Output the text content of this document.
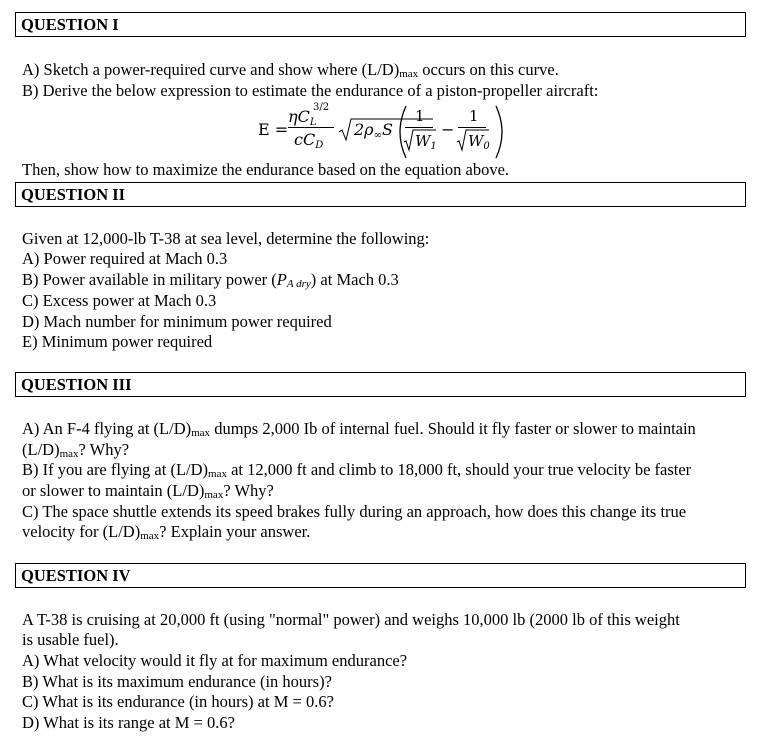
QUESTION I
A) Sketch a power-required curve and show where (L/D)max occurs on this curve.
B) Derive the below expression to estimate the endurance of a piston-propeller aircraft:
E =
ηCL
3/2
cCD
2ρ∞S
1
$W_1$
−
1
$W_0$
Then, show how to maximize the endurance based on the equation above.
QUESTION II
Given at 12,000-lb T-38 at sea level, determine the following:
A) Power required at Mach 0.3
B) Power available in military power (PA dry) at Mach 0.3
C) Excess power at Mach 0.3
D) Mach number for minimum power required
E) Minimum power required
QUESTION III
A) An F-4 flying at (L/D)max dumps 2,000 Ib of internal fuel. Should it fly faster or slower to maintain
(L/D)max? Why?
B) If you are flying at (L/D)max at 12,000 ft and climb to 18,000 ft, should your true velocity be faster
or slower to maintain (L/D)max? Why?
C) The space shuttle extends its speed brakes fully during an approach, how does this change its true
velocity for (L/D)max? Explain your answer.
QUESTION IV
A T-38 is cruising at 20,000 ft (using "normal" power) and weighs 10,000 lb (2000 lb of this weight
is usable fuel).
A) What velocity would it fly at for maximum endurance?
B) What is its maximum endurance (in hours)?
C) What is its endurance (in hours) at M = 0.6?
D) What is its range at M = 0.6?
